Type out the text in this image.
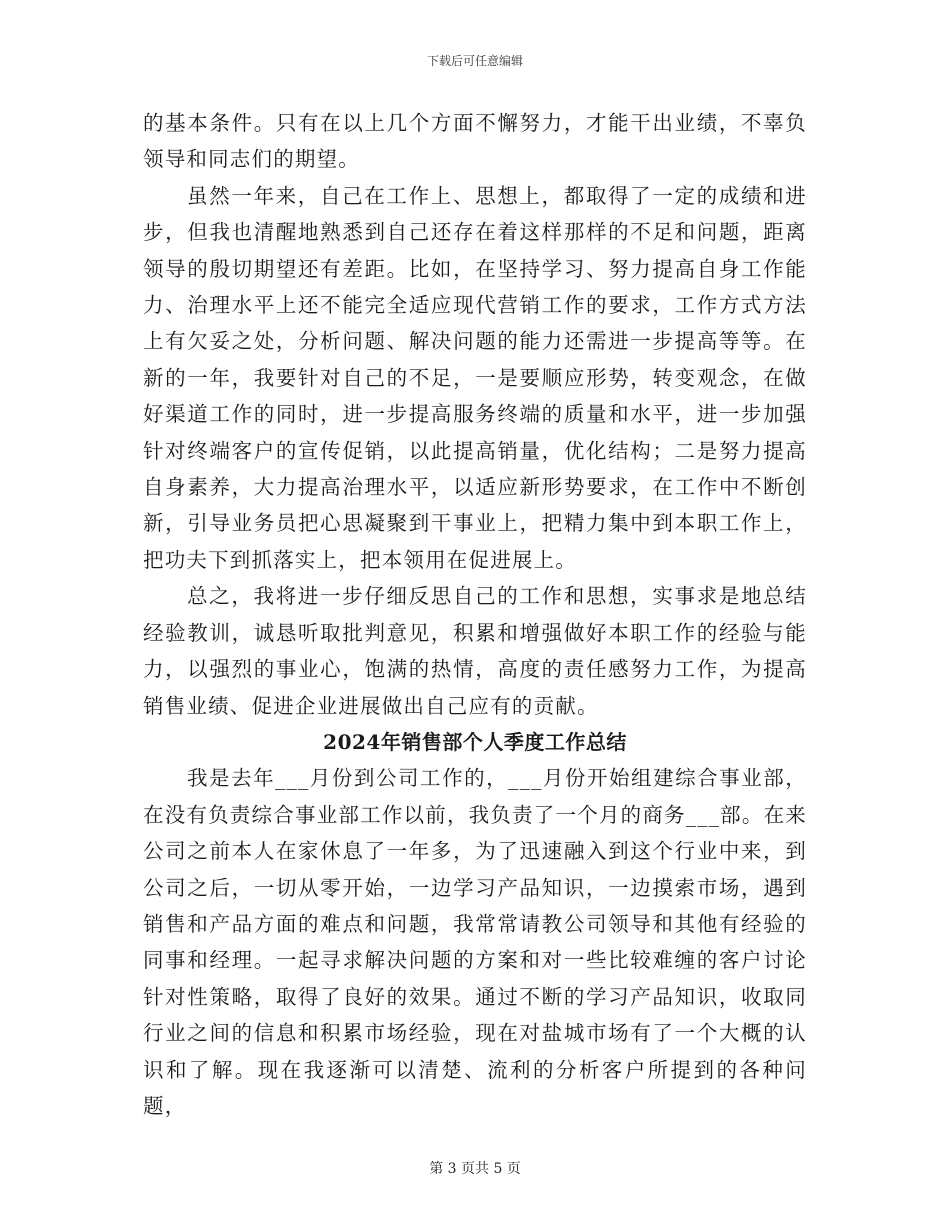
下载后可任意编辑

的基本条件。只有在以上几个方面不懈努力，才能干出业绩，不辜负领导和同志们的期望。

虽然一年来，自己在工作上、思想上，都取得了一定的成绩和进步，但我也清醒地熟悉到自己还存在着这样那样的不足和问题，距离领导的殷切期望还有差距。比如，在坚持学习、努力提高自身工作能力、治理水平上还不能完全适应现代营销工作的要求，工作方式方法上有欠妥之处，分析问题、解决问题的能力还需进一步提高等等。在新的一年，我要针对自己的不足，一是要顺应形势，转变观念，在做好渠道工作的同时，进一步提高服务终端的质量和水平，进一步加强针对终端客户的宣传促销，以此提高销量，优化结构；二是努力提高自身素养，大力提高治理水平，以适应新形势要求，在工作中不断创新，引导业务员把心思凝聚到干事业上，把精力集中到本职工作上，把功夫下到抓落实上，把本领用在促进展上。

总之，我将进一步仔细反思自己的工作和思想，实事求是地总结经验教训，诚恳听取批判意见，积累和增强做好本职工作的经验与能力，以强烈的事业心，饱满的热情，高度的责任感努力工作，为提高销售业绩、促进企业进展做出自己应有的贡献。

2024年销售部个人季度工作总结

我是去年___月份到公司工作的，___月份开始组建综合事业部，在没有负责综合事业部工作以前，我负责了一个月的商务___部。在来公司之前本人在家休息了一年多，为了迅速融入到这个行业中来，到公司之后，一切从零开始，一边学习产品知识，一边摸索市场，遇到销售和产品方面的难点和问题，我常常请教公司领导和其他有经验的同事和经理。一起寻求解决问题的方案和对一些比较难缠的客户讨论针对性策略，取得了良好的效果。通过不断的学习产品知识，收取同行业之间的信息和积累市场经验，现在对盐城市场有了一个大概的认识和了解。现在我逐渐可以清楚、流利的分析客户所提到的各种问题，

第 3 页共 5 页
